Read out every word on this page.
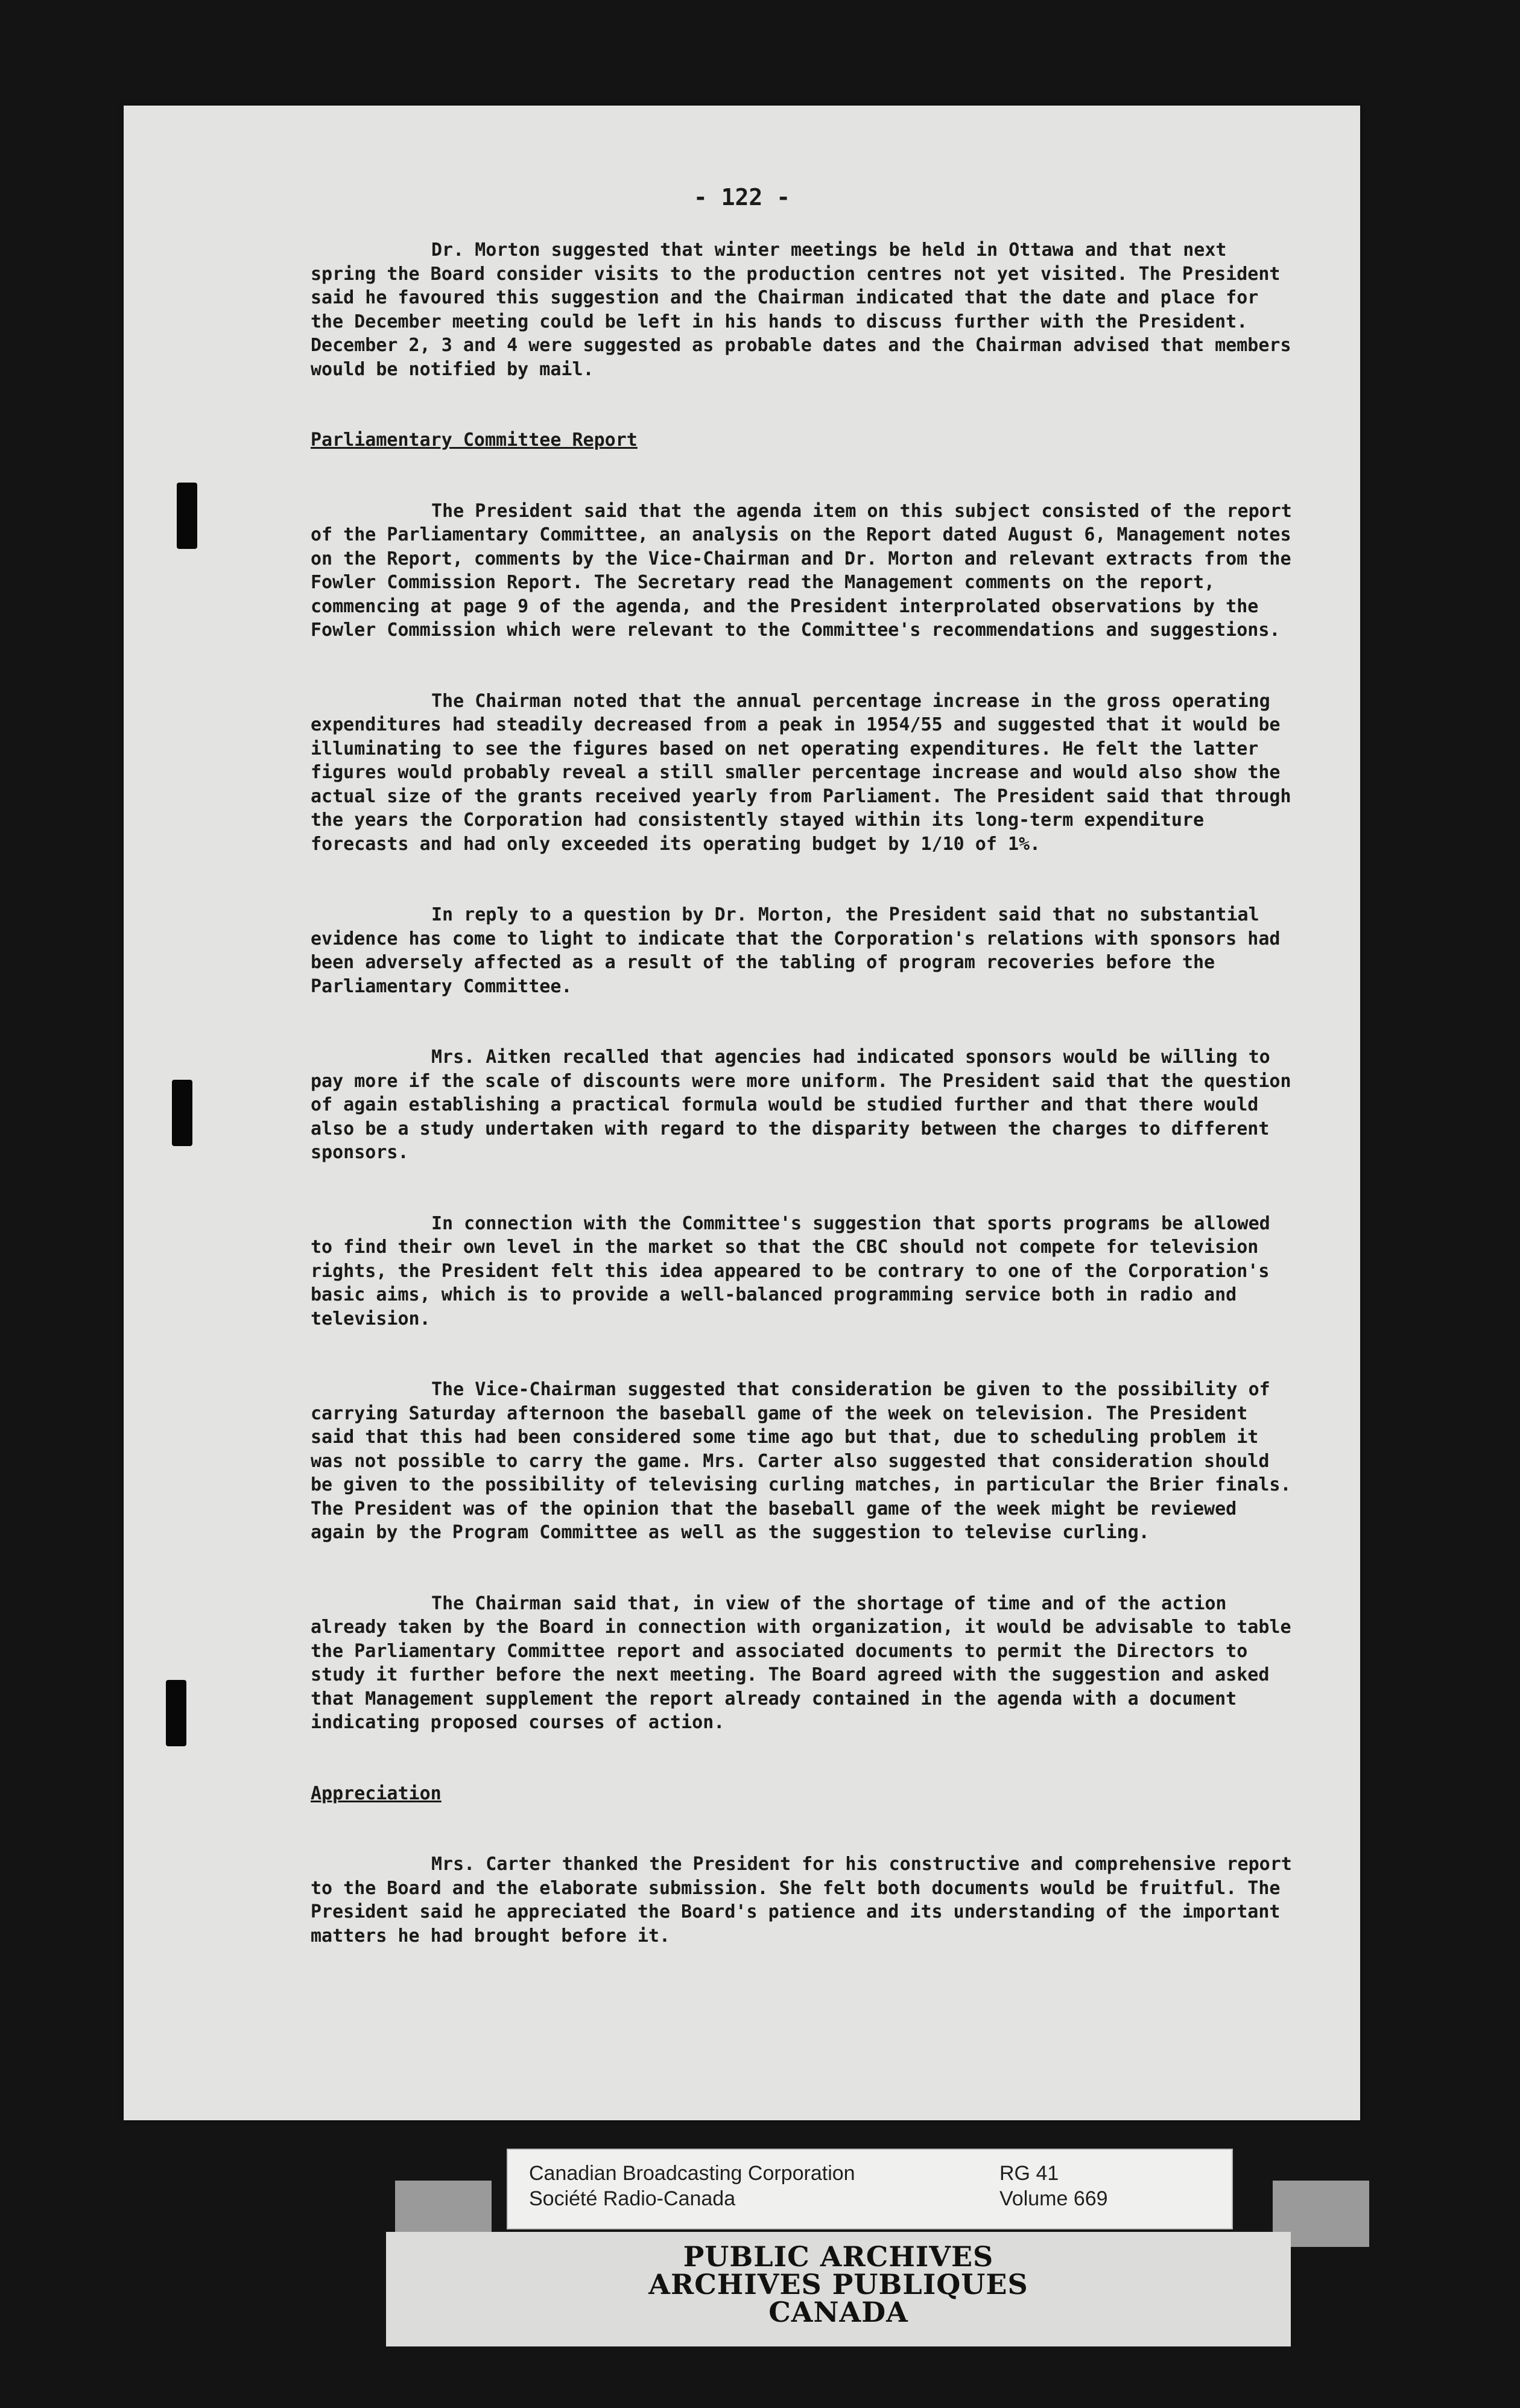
- 122 -

Dr. Morton suggested that winter meetings be held in Ottawa and that next spring the Board consider visits to the production centres not yet visited. The President said he favoured this suggestion and the Chairman indicated that the date and place for the December meeting could be left in his hands to discuss further with the President. December 2, 3 and 4 were suggested as probable dates and the Chairman advised that members would be notified by mail.

Parliamentary Committee Report

The President said that the agenda item on this subject consisted of the report of the Parliamentary Committee, an analysis on the Report dated August 6, Management notes on the Report, comments by the Vice-Chairman and Dr. Morton and relevant extracts from the Fowler Commission Report. The Secretary read the Management comments on the report, commencing at page 9 of the agenda, and the President interprolated observations by the Fowler Commission which were relevant to the Committee's recommendations and suggestions.

The Chairman noted that the annual percentage increase in the gross operating expenditures had steadily decreased from a peak in 1954/55 and suggested that it would be illuminating to see the figures based on net operating expenditures. He felt the latter figures would probably reveal a still smaller percentage increase and would also show the actual size of the grants received yearly from Parliament. The President said that through the years the Corporation had consistently stayed within its long-term expenditure forecasts and had only exceeded its operating budget by 1/10 of 1%.

In reply to a question by Dr. Morton, the President said that no substantial evidence has come to light to indicate that the Corporation's relations with sponsors had been adversely affected as a result of the tabling of program recoveries before the Parliamentary Committee.

Mrs. Aitken recalled that agencies had indicated sponsors would be willing to pay more if the scale of discounts were more uniform. The President said that the question of again establishing a practical formula would be studied further and that there would also be a study undertaken with regard to the disparity between the charges to different sponsors.

In connection with the Committee's suggestion that sports programs be allowed to find their own level in the market so that the CBC should not compete for television rights, the President felt this idea appeared to be contrary to one of the Corporation's basic aims, which is to provide a well-balanced programming service both in radio and television.

The Vice-Chairman suggested that consideration be given to the possibility of carrying Saturday afternoon the baseball game of the week on television. The President said that this had been considered some time ago but that, due to scheduling problem it was not possible to carry the game. Mrs. Carter also suggested that consideration should be given to the possibility of televising curling matches, in particular the Brier finals. The President was of the opinion that the baseball game of the week might be reviewed again by the Program Committee as well as the suggestion to televise curling.

The Chairman said that, in view of the shortage of time and of the action already taken by the Board in connection with organization, it would be advisable to table the Parliamentary Committee report and associated documents to permit the Directors to study it further before the next meeting. The Board agreed with the suggestion and asked that Management supplement the report already contained in the agenda with a document indicating proposed courses of action.

Appreciation

Mrs. Carter thanked the President for his constructive and comprehensive report to the Board and the elaborate submission. She felt both documents would be fruitful. The President said he appreciated the Board's patience and its understanding of the important matters he had brought before it.

PUBLIC ARCHIVES
ARCHIVES PUBLIQUES
CANADA
Canadian Broadcasting Corporation
Société Radio-Canada
RG 41
Volume 669
